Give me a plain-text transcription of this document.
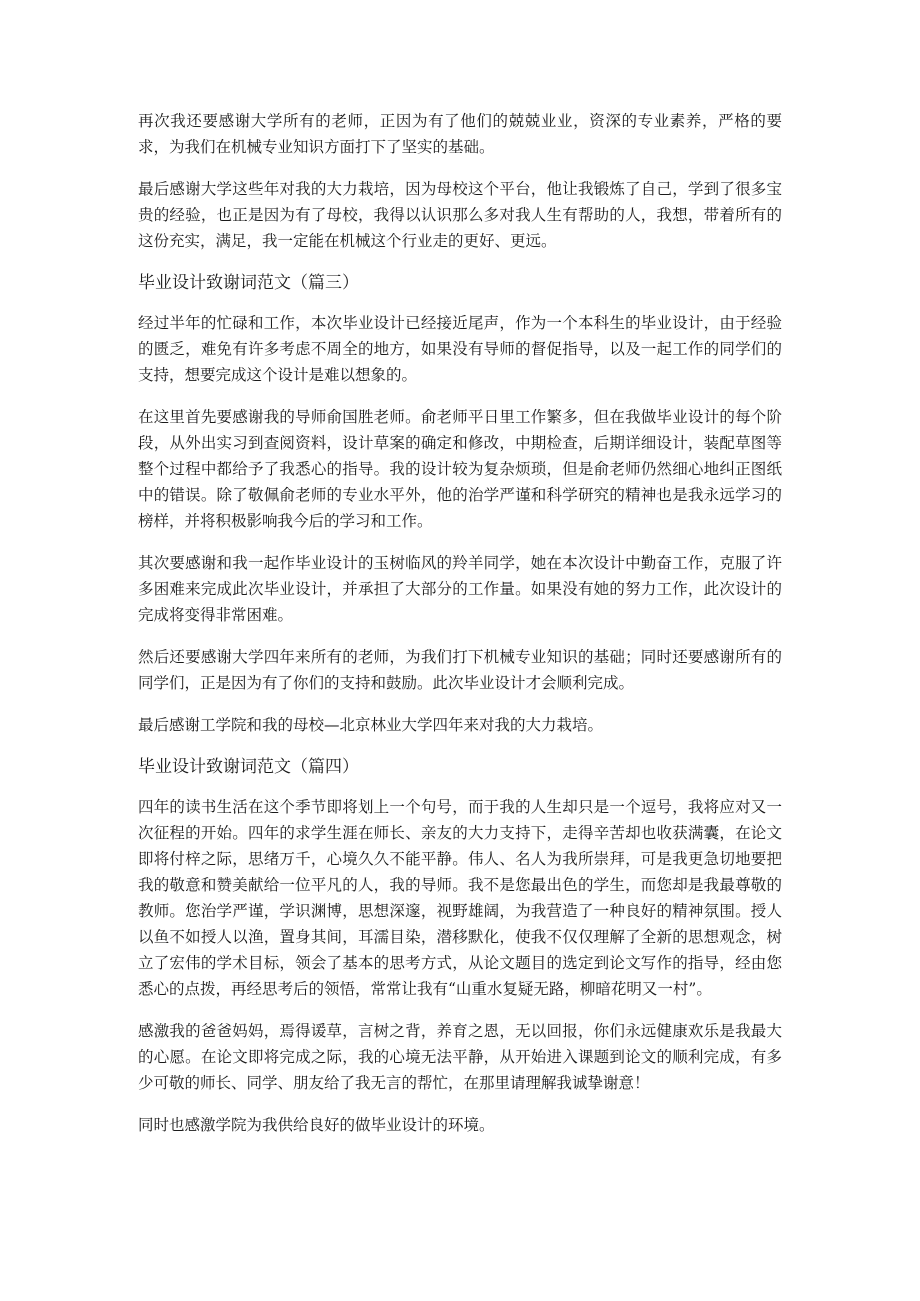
再次我还要感谢大学所有的老师，正因为有了他们的兢兢业业，资深的专业素养，严格的要求，为我们在机械专业知识方面打下了坚实的基础。

最后感谢大学这些年对我的大力栽培，因为母校这个平台，他让我锻炼了自己，学到了很多宝贵的经验，也正是因为有了母校，我得以认识那么多对我人生有帮助的人，我想，带着所有的这份充实，满足，我一定能在机械这个行业走的更好、更远。

毕业设计致谢词范文（篇三）

经过半年的忙碌和工作，本次毕业设计已经接近尾声，作为一个本科生的毕业设计，由于经验的匮乏，难免有许多考虑不周全的地方，如果没有导师的督促指导，以及一起工作的同学们的支持，想要完成这个设计是难以想象的。

在这里首先要感谢我的导师俞国胜老师。俞老师平日里工作繁多，但在我做毕业设计的每个阶段，从外出实习到查阅资料，设计草案的确定和修改，中期检查，后期详细设计，装配草图等整个过程中都给予了我悉心的指导。我的设计较为复杂烦琐，但是俞老师仍然细心地纠正图纸中的错误。除了敬佩俞老师的专业水平外，他的治学严谨和科学研究的精神也是我永远学习的榜样，并将积极影响我今后的学习和工作。

其次要感谢和我一起作毕业设计的玉树临风的羚羊同学，她在本次设计中勤奋工作，克服了许多困难来完成此次毕业设计，并承担了大部分的工作量。如果没有她的努力工作，此次设计的完成将变得非常困难。

然后还要感谢大学四年来所有的老师，为我们打下机械专业知识的基础；同时还要感谢所有的同学们，正是因为有了你们的支持和鼓励。此次毕业设计才会顺利完成。

最后感谢工学院和我的母校—北京林业大学四年来对我的大力栽培。

毕业设计致谢词范文（篇四）

四年的读书生活在这个季节即将划上一个句号，而于我的人生却只是一个逗号，我将应对又一次征程的开始。四年的求学生涯在师长、亲友的大力支持下，走得辛苦却也收获满囊，在论文即将付梓之际，思绪万千，心境久久不能平静。伟人、名人为我所崇拜，可是我更急切地要把我的敬意和赞美献给一位平凡的人，我的导师。我不是您最出色的学生，而您却是我最尊敬的教师。您治学严谨，学识渊博，思想深邃，视野雄阔，为我营造了一种良好的精神氛围。授人以鱼不如授人以渔，置身其间，耳濡目染，潜移默化，使我不仅仅理解了全新的思想观念，树立了宏伟的学术目标，领会了基本的思考方式，从论文题目的选定到论文写作的指导，经由您悉心的点拨，再经思考后的领悟，常常让我有“山重水复疑无路，柳暗花明又一村”。

感激我的爸爸妈妈，焉得谖草，言树之背，养育之恩，无以回报，你们永远健康欢乐是我最大的心愿。在论文即将完成之际，我的心境无法平静，从开始进入课题到论文的顺利完成，有多少可敬的师长、同学、朋友给了我无言的帮忙，在那里请理解我诚挚谢意！

同时也感激学院为我供给良好的做毕业设计的环境。
